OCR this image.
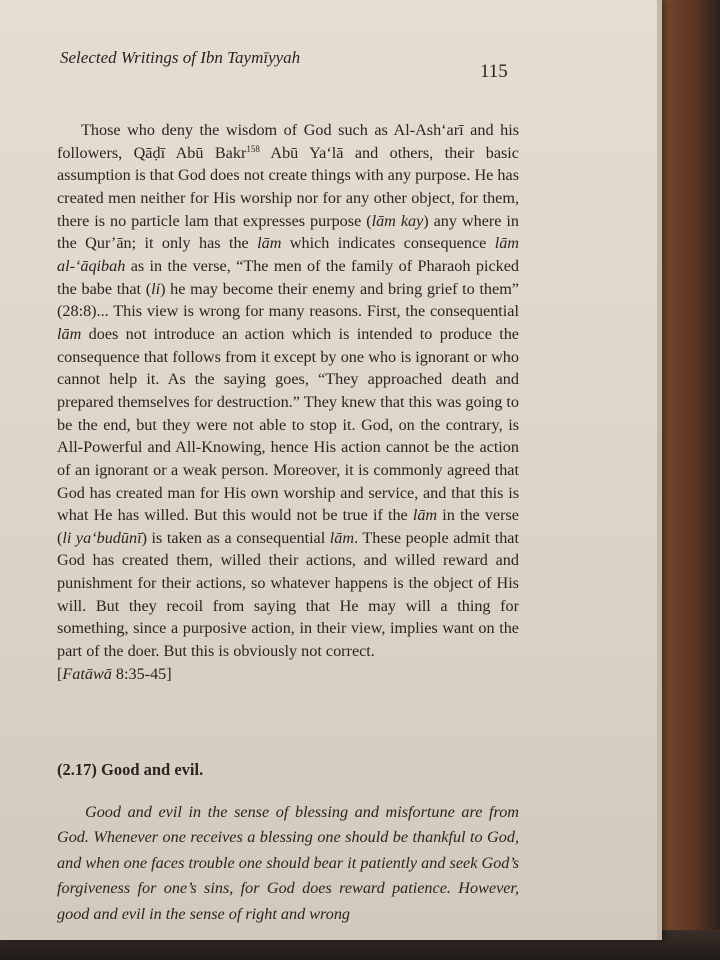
Selected Writings of Ibn Taymīyyah
115

Those who deny the wisdom of God such as Al-Ash‘arī and his followers, Qāḍī Abū Bakr$^{158}$ Abū Ya‘lā and others, their basic assumption is that God does not create things with any purpose. He has created men neither for His worship nor for any other object, for them, there is no particle lam that expresses purpose (lām kay) any where in the Qur’ān; it only has the lām which indicates consequence lām al-‘āqibah as in the verse, “The men of the family of Pharaoh picked the babe that (li) he may become their enemy and bring grief to them” (28:8)... This view is wrong for many reasons. First, the consequential lām does not introduce an action which is intended to produce the consequence that follows from it except by one who is ignorant or who cannot help it. As the saying goes, “They approached death and prepared themselves for destruction.” They knew that this was going to be the end, but they were not able to stop it. God, on the contrary, is All-Powerful and All-Knowing, hence His action cannot be the action of an ignorant or a weak person. Moreover, it is commonly agreed that God has created man for His own worship and service, and that this is what He has willed. But this would not be true if the lām in the verse (li ya‘budūnī) is taken as a consequential lām. These people admit that God has created them, willed their actions, and willed reward and punishment for their actions, so whatever happens is the object of His will. But they recoil from saying that He may will a thing for something, since a purposive action, in their view, implies want on the part of the doer. But this is obviously not correct.

[Fatāwā 8:35-45]
(2.17) Good and evil.

Good and evil in the sense of blessing and misfortune are from God. Whenever one receives a blessing one should be thankful to God, and when one faces trouble one should bear it patiently and seek God’s forgiveness for one’s sins, for God does reward patience. However, good and evil in the sense of right and wrong
